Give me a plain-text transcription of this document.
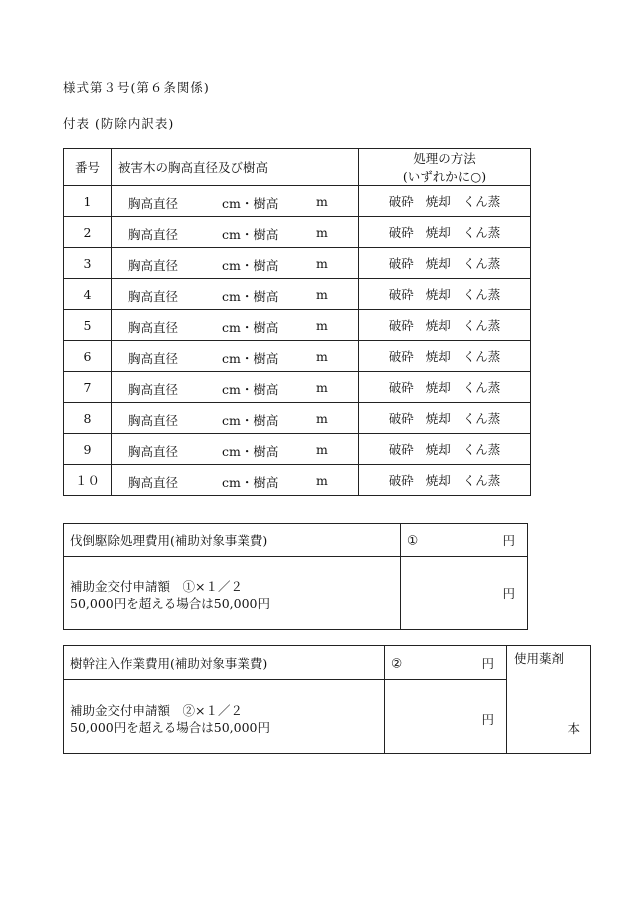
様式第３号(第６条関係)
付表 (防除内訳表)
番号	被害木の胸高直径及び樹高	処理の方法
(いずれかに○)

1	胸高直径 cm・樹高 m	破砕 焼却 くん蒸

2	胸高直径 cm・樹高 m	破砕 焼却 くん蒸

3	胸高直径 cm・樹高 m	破砕 焼却 くん蒸

4	胸高直径 cm・樹高 m	破砕 焼却 くん蒸

5	胸高直径 cm・樹高 m	破砕 焼却 くん蒸

6	胸高直径 cm・樹高 m	破砕 焼却 くん蒸

7	胸高直径 cm・樹高 m	破砕 焼却 くん蒸

8	胸高直径 cm・樹高 m	破砕 焼却 くん蒸

9	胸高直径 cm・樹高 m	破砕 焼却 くん蒸

１０	胸高直径 cm・樹高 m	破砕 焼却 くん蒸
伐倒駆除処理費用(補助対象事業費)	① 円

補助金交付申請額　①×１／２
50,000円を超える場合は50,000円	円
樹幹注入作業費用(補助対象事業費)	② 円	使用薬剤
本

補助金交付申請額　②×１／２
50,000円を超える場合は50,000円	円	
